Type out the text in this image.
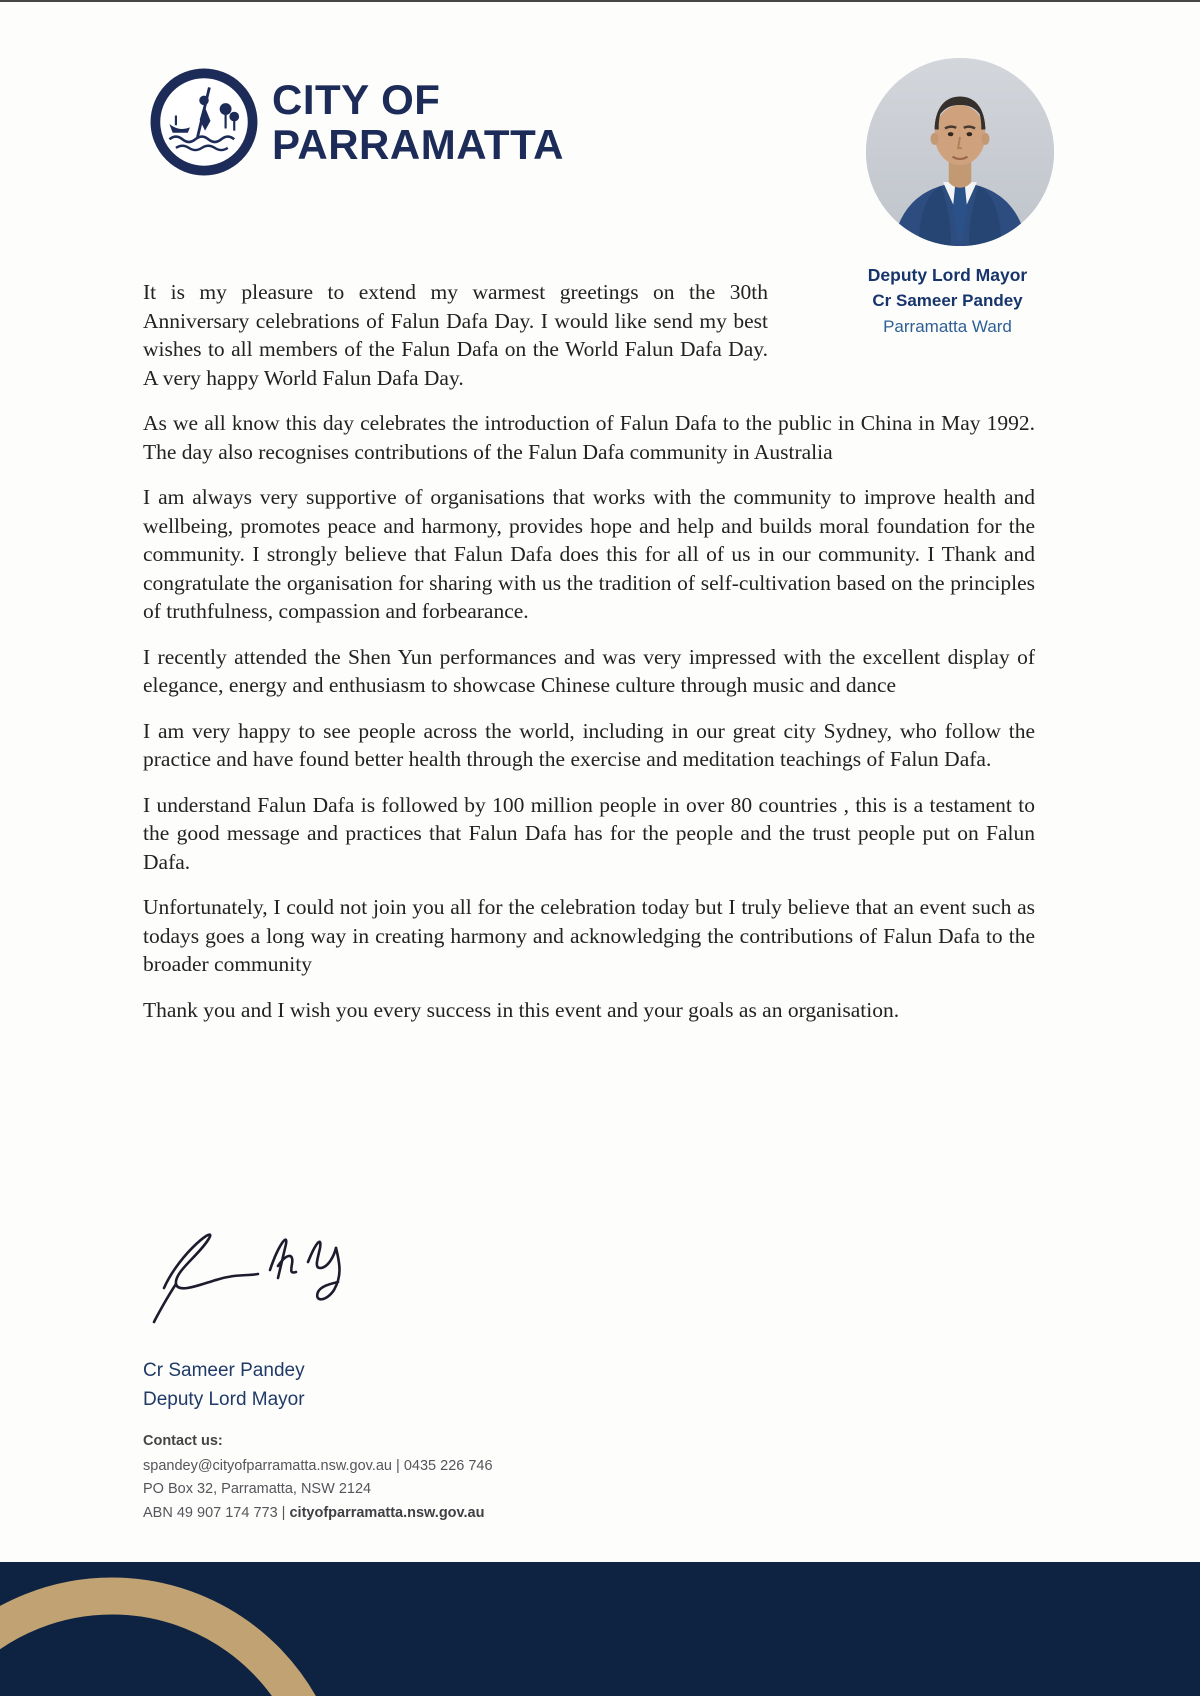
CITY OF
PARRAMATTA
Deputy Lord Mayor
Cr Sameer Pandey
Parramatta Ward

It is my pleasure to extend my warmest greetings on the 30th Anniversary celebrations of Falun Dafa Day. I would like send my best wishes to all members of the Falun Dafa on the World Falun Dafa Day. A very happy World Falun Dafa Day.

As we all know this day celebrates the introduction of Falun Dafa to the public in China in May 1992. The day also recognises contributions of the Falun Dafa community in Australia

I am always very supportive of organisations that works with the community to improve health and wellbeing, promotes peace and harmony, provides hope and help and builds moral foundation for the community. I strongly believe that Falun Dafa does this for all of us in our community. I Thank and congratulate the organisation for sharing with us the tradition of self-cultivation based on the principles of truthfulness, compassion and forbearance.

I recently attended the Shen Yun performances and was very impressed with the excellent display of elegance, energy and enthusiasm to showcase Chinese culture through music and dance

I am very happy to see people across the world, including in our great city Sydney, who follow the practice and have found better health through the exercise and meditation teachings of Falun Dafa.

I understand Falun Dafa is followed by 100 million people in over 80 countries , this is a testament to the good message and practices that Falun Dafa has for the people and the trust people put on Falun Dafa.

Unfortunately, I could not join you all for the celebration today but I truly believe that an event such as todays goes a long way in creating harmony and acknowledging the contributions of Falun Dafa to the broader community

Thank you and I wish you every success in this event and your goals as an organisation.

Cr Sameer Pandey
Deputy Lord Mayor
Contact us:
spandey@cityofparramatta.nsw.gov.au | 0435 226 746
PO Box 32, Parramatta, NSW 2124
ABN 49 907 174 773 | cityofparramatta.nsw.gov.au
